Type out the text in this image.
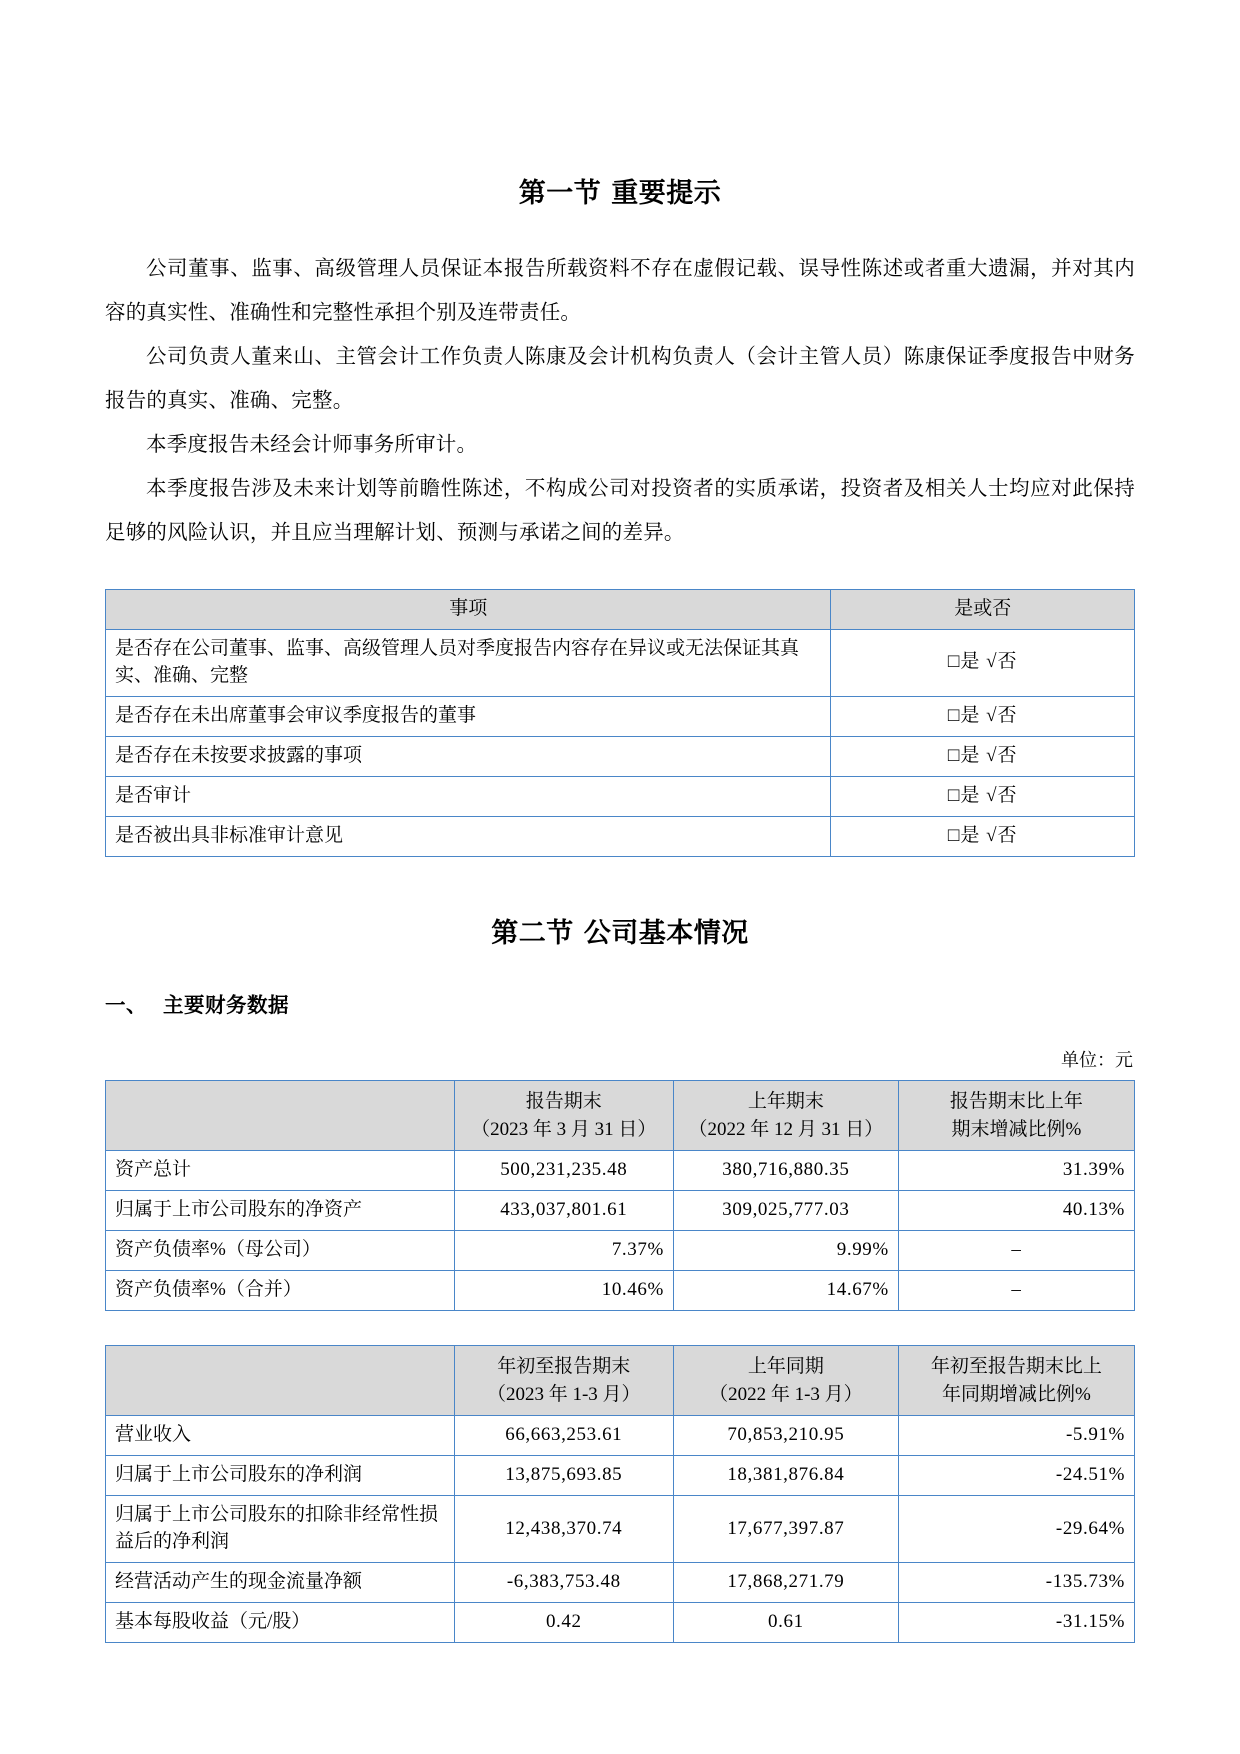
第一节 重要提示

公司董事、监事、高级管理人员保证本报告所载资料不存在虚假记载、误导性陈述或者重大遗漏，并对其内容的真实性、准确性和完整性承担个别及连带责任。

公司负责人董来山、主管会计工作负责人陈康及会计机构负责人（会计主管人员）陈康保证季度报告中财务报告的真实、准确、完整。

本季度报告未经会计师事务所审计。

本季度报告涉及未来计划等前瞻性陈述，不构成公司对投资者的实质承诺，投资者及相关人士均应对此保持足够的风险认识，并且应当理解计划、预测与承诺之间的差异。

事项	是或否
是否存在公司董事、监事、高级管理人员对季度报告内容存在异议或无法保证其真实、准确、完整	□是 √否
是否存在未出席董事会审议季度报告的董事	□是 √否
是否存在未按要求披露的事项	□是 √否
是否审计	□是 √否
是否被出具非标准审计意见	□是 √否
第二节 公司基本情况
一、 主要财务数据
单位：元

报告期末
（2023 年 3 月 31 日）

上年期末
（2022 年 12 月 31 日）

报告期末比上年
期末增减比例%

资产总计	500,231,235.48	380,716,880.35	31.39%
归属于上市公司股东的净资产	433,037,801.61	309,025,777.03	40.13%
资产负债率%（母公司）	7.37%	9.99%	–
资产负债率%（合并）	10.46%	14.67%	–

年初至报告期末
（2023 年 1-3 月）

上年同期
（2022 年 1-3 月）

年初至报告期末比上
年同期增减比例%

营业收入	66,663,253.61	70,853,210.95	-5.91%
归属于上市公司股东的净利润	13,875,693.85	18,381,876.84	-24.51%
归属于上市公司股东的扣除非经常性损益后的净利润	12,438,370.74	17,677,397.87	-29.64%
经营活动产生的现金流量净额	-6,383,753.48	17,868,271.79	-135.73%
基本每股收益（元/股）	0.42	0.61	-31.15%
